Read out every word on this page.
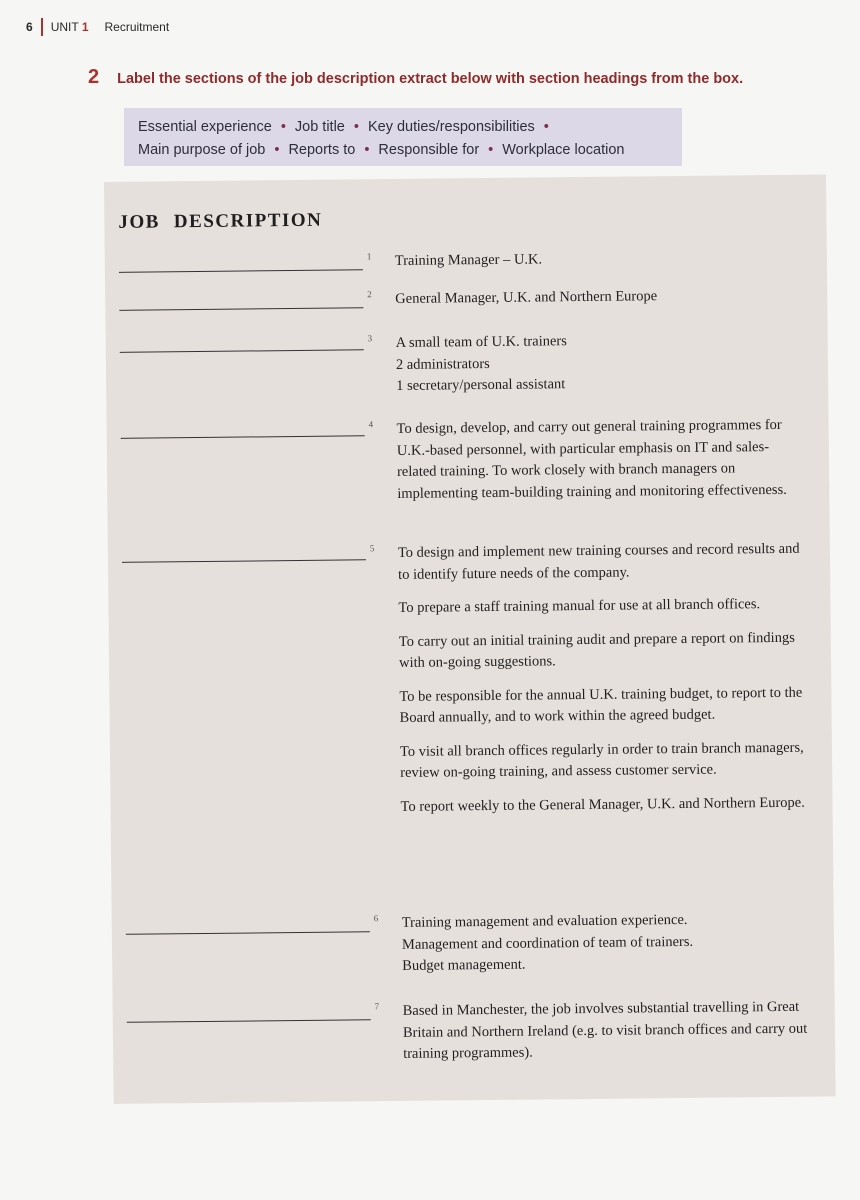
6 UNIT 1 Recruitment
2 Label the sections of the job description extract below with section headings from the box.
Essential experience • Job title • Key duties/responsibilities •
Main purpose of job • Reports to • Responsible for • Workplace location
JOB DESCRIPTION
1 Training Manager – U.K.
2 General Manager, U.K. and Northern Europe
3 A small team of U.K. trainers
2 administrators
1 secretary/personal assistant
4 To design, develop, and carry out general training programmes for U.K.-based personnel, with particular emphasis on IT and sales-related training. To work closely with branch managers on implementing team-building training and monitoring effectiveness.

5 To design and implement new training courses and record results and to identify future needs of the company.

To prepare a staff training manual for use at all branch offices.

To carry out an initial training audit and prepare a report on findings with on-going suggestions.

To be responsible for the annual U.K. training budget, to report to the Board annually, and to work within the agreed budget.

To visit all branch offices regularly in order to train branch managers, review on-going training, and assess customer service.

To report weekly to the General Manager, U.K. and Northern Europe.

6 Training management and evaluation experience.
Management and coordination of team of trainers.
Budget management.
7 Based in Manchester, the job involves substantial travelling in Great Britain and Northern Ireland (e.g. to visit branch offices and carry out training programmes).
